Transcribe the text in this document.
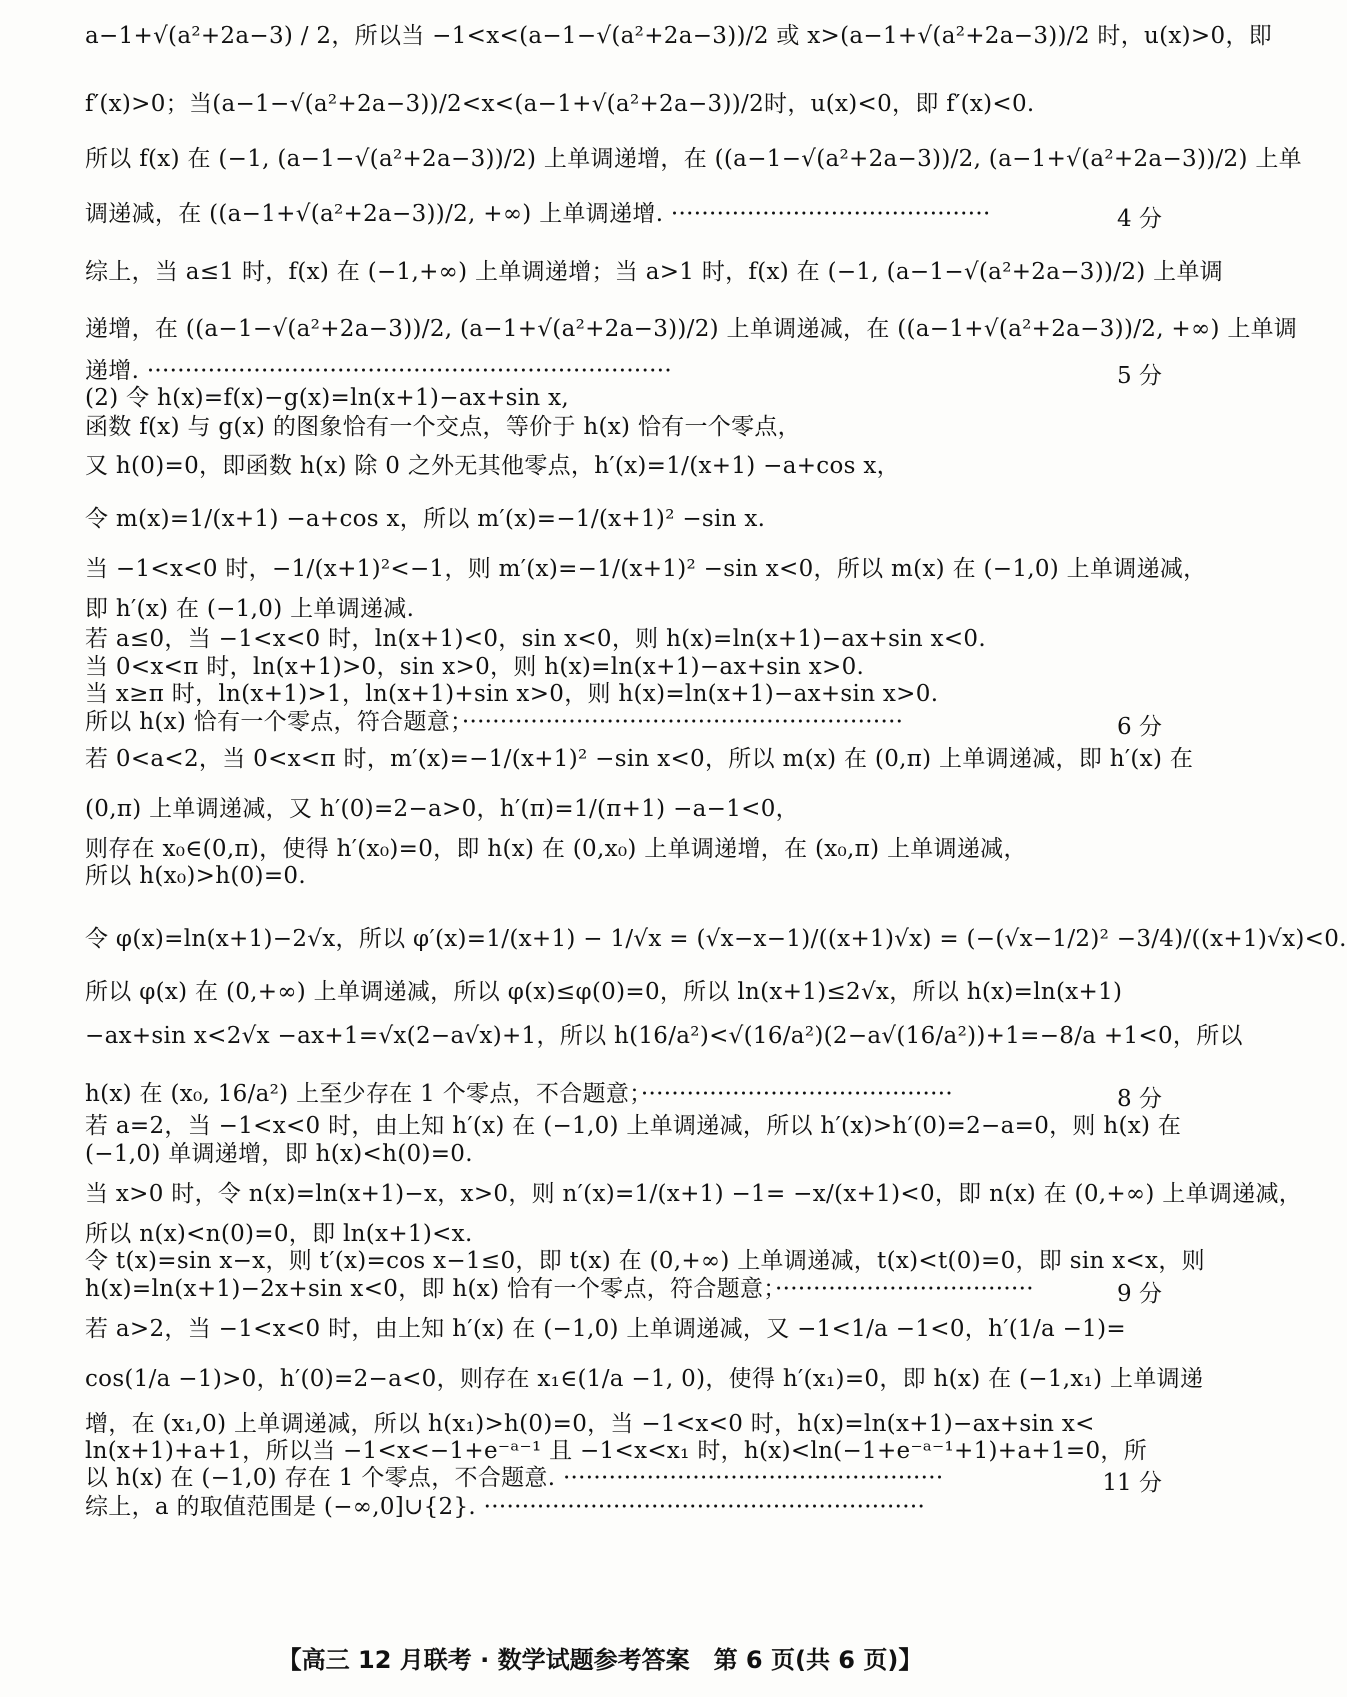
a−1+√(a²+2a−3) / 2，所以当 −1<x<(a−1−√(a²+2a−3))/2 或 x>(a−1+√(a²+2a−3))/2 时，u(x)>0，即
f′(x)>0；当(a−1−√(a²+2a−3))/2<x<(a−1+√(a²+2a−3))/2时，u(x)<0，即 f′(x)<0.
所以 f(x) 在 (−1, (a−1−√(a²+2a−3))/2) 上单调递增，在 ((a−1−√(a²+2a−3))/2, (a−1+√(a²+2a−3))/2) 上单
调递减，在 ((a−1+√(a²+2a−3))/2, +∞) 上单调递增. ··········································	4 分
综上，当 a≤1 时，f(x) 在 (−1,+∞) 上单调递增；当 a>1 时，f(x) 在 (−1, (a−1−√(a²+2a−3))/2) 上单调
递增，在 ((a−1−√(a²+2a−3))/2, (a−1+√(a²+2a−3))/2) 上单调递减，在 ((a−1+√(a²+2a−3))/2, +∞) 上单调
递增. ·····································································	5 分
(2) 令 h(x)=f(x)−g(x)=ln(x+1)−ax+sin x,
函数 f(x) 与 g(x) 的图象恰有一个交点，等价于 h(x) 恰有一个零点，
又 h(0)=0，即函数 h(x) 除 0 之外无其他零点，h′(x)=1/(x+1) −a+cos x，
令 m(x)=1/(x+1) −a+cos x，所以 m′(x)=−1/(x+1)² −sin x.
当 −1<x<0 时，−1/(x+1)²<−1，则 m′(x)=−1/(x+1)² −sin x<0，所以 m(x) 在 (−1,0) 上单调递减，
即 h′(x) 在 (−1,0) 上单调递减.
若 a≤0，当 −1<x<0 时，ln(x+1)<0，sin x<0，则 h(x)=ln(x+1)−ax+sin x<0.
当 0<x<π 时，ln(x+1)>0，sin x>0，则 h(x)=ln(x+1)−ax+sin x>0.
当 x≥π 时，ln(x+1)>1，ln(x+1)+sin x>0，则 h(x)=ln(x+1)−ax+sin x>0.
所以 h(x) 恰有一个零点，符合题意；··························································	6 分
若 0<a<2，当 0<x<π 时，m′(x)=−1/(x+1)² −sin x<0，所以 m(x) 在 (0,π) 上单调递减，即 h′(x) 在
(0,π) 上单调递减，又 h′(0)=2−a>0，h′(π)=1/(π+1) −a−1<0，
则存在 x₀∈(0,π)，使得 h′(x₀)=0，即 h(x) 在 (0,x₀) 上单调递增，在 (x₀,π) 上单调递减，
所以 h(x₀)>h(0)=0.
令 φ(x)=ln(x+1)−2√x，所以 φ′(x)=1/(x+1) − 1/√x = (√x−x−1)/((x+1)√x) = (−(√x−1/2)² −3/4)/((x+1)√x)<0.
所以 φ(x) 在 (0,+∞) 上单调递减，所以 φ(x)≤φ(0)=0，所以 ln(x+1)≤2√x，所以 h(x)=ln(x+1)
−ax+sin x<2√x −ax+1=√x(2−a√x)+1，所以 h(16/a²)<√(16/a²)(2−a√(16/a²))+1=−8/a +1<0，所以
h(x) 在 (x₀, 16/a²) 上至少存在 1 个零点，不合题意；·········································	8 分
若 a=2，当 −1<x<0 时，由上知 h′(x) 在 (−1,0) 上单调递减，所以 h′(x)>h′(0)=2−a=0，则 h(x) 在
(−1,0) 单调递增，即 h(x)<h(0)=0.
当 x>0 时，令 n(x)=ln(x+1)−x，x>0，则 n′(x)=1/(x+1) −1= −x/(x+1)<0，即 n(x) 在 (0,+∞) 上单调递减，
所以 n(x)<n(0)=0，即 ln(x+1)<x.
令 t(x)=sin x−x，则 t′(x)=cos x−1≤0，即 t(x) 在 (0,+∞) 上单调递减，t(x)<t(0)=0，即 sin x<x，则
h(x)=ln(x+1)−2x+sin x<0，即 h(x) 恰有一个零点，符合题意；··································	9 分
若 a>2，当 −1<x<0 时，由上知 h′(x) 在 (−1,0) 上单调递减，又 −1<1/a −1<0，h′(1/a −1)=
cos(1/a −1)>0，h′(0)=2−a<0，则存在 x₁∈(1/a −1, 0)，使得 h′(x₁)=0，即 h(x) 在 (−1,x₁) 上单调递
增，在 (x₁,0) 上单调递减，所以 h(x₁)>h(0)=0，当 −1<x<0 时，h(x)=ln(x+1)−ax+sin x<
ln(x+1)+a+1，所以当 −1<x<−1+e⁻ᵃ⁻¹ 且 −1<x<x₁ 时，h(x)<ln(−1+e⁻ᵃ⁻¹+1)+a+1=0，所
以 h(x) 在 (−1,0) 存在 1 个零点，不合题意. ··················································	11 分
综上，a 的取值范围是 (−∞,0]∪{2}. ··························································
【高三 12 月联考 · 数学试题参考答案　第 6 页(共 6 页)】
